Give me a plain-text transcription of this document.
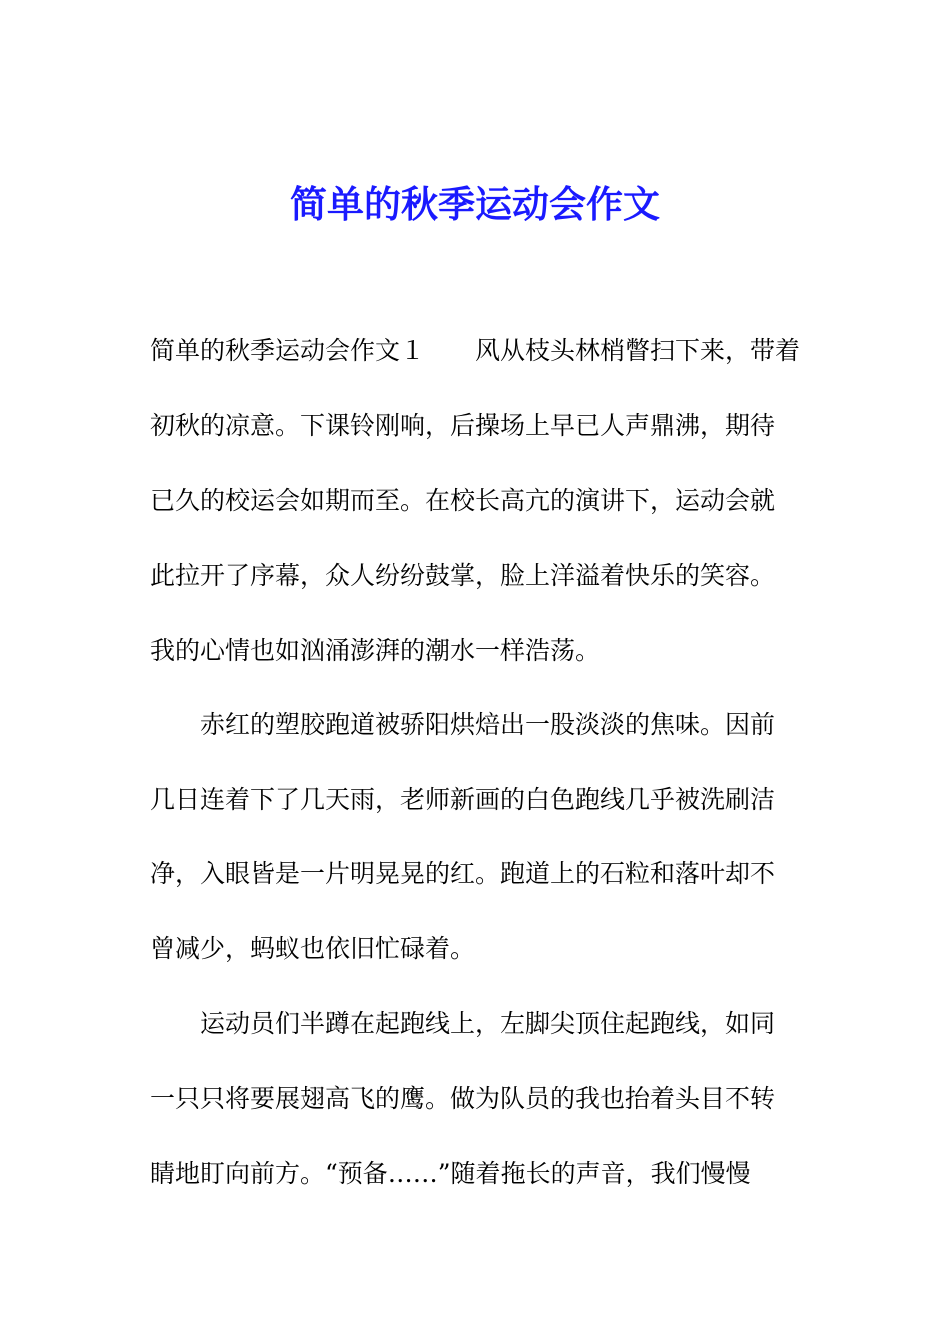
简单的秋季运动会作文

简单的秋季运动会作文１　　风从枝头林梢瞥扫下来，带着

初秋的凉意。下课铃刚响，后操场上早已人声鼎沸，期待

已久的校运会如期而至。在校长高亢的演讲下，运动会就

此拉开了序幕，众人纷纷鼓掌，脸上洋溢着快乐的笑容。

我的心情也如汹涌澎湃的潮水一样浩荡。

　　赤红的塑胶跑道被骄阳烘焙出一股淡淡的焦味。因前

几日连着下了几天雨，老师新画的白色跑线几乎被洗刷洁

净，入眼皆是一片明晃晃的红。跑道上的石粒和落叶却不

曾减少，蚂蚁也依旧忙碌着。

　　运动员们半蹲在起跑线上，左脚尖顶住起跑线，如同

一只只将要展翅高飞的鹰。做为队员的我也抬着头目不转

睛地盯向前方。“预备……”随着拖长的声音，我们慢慢
